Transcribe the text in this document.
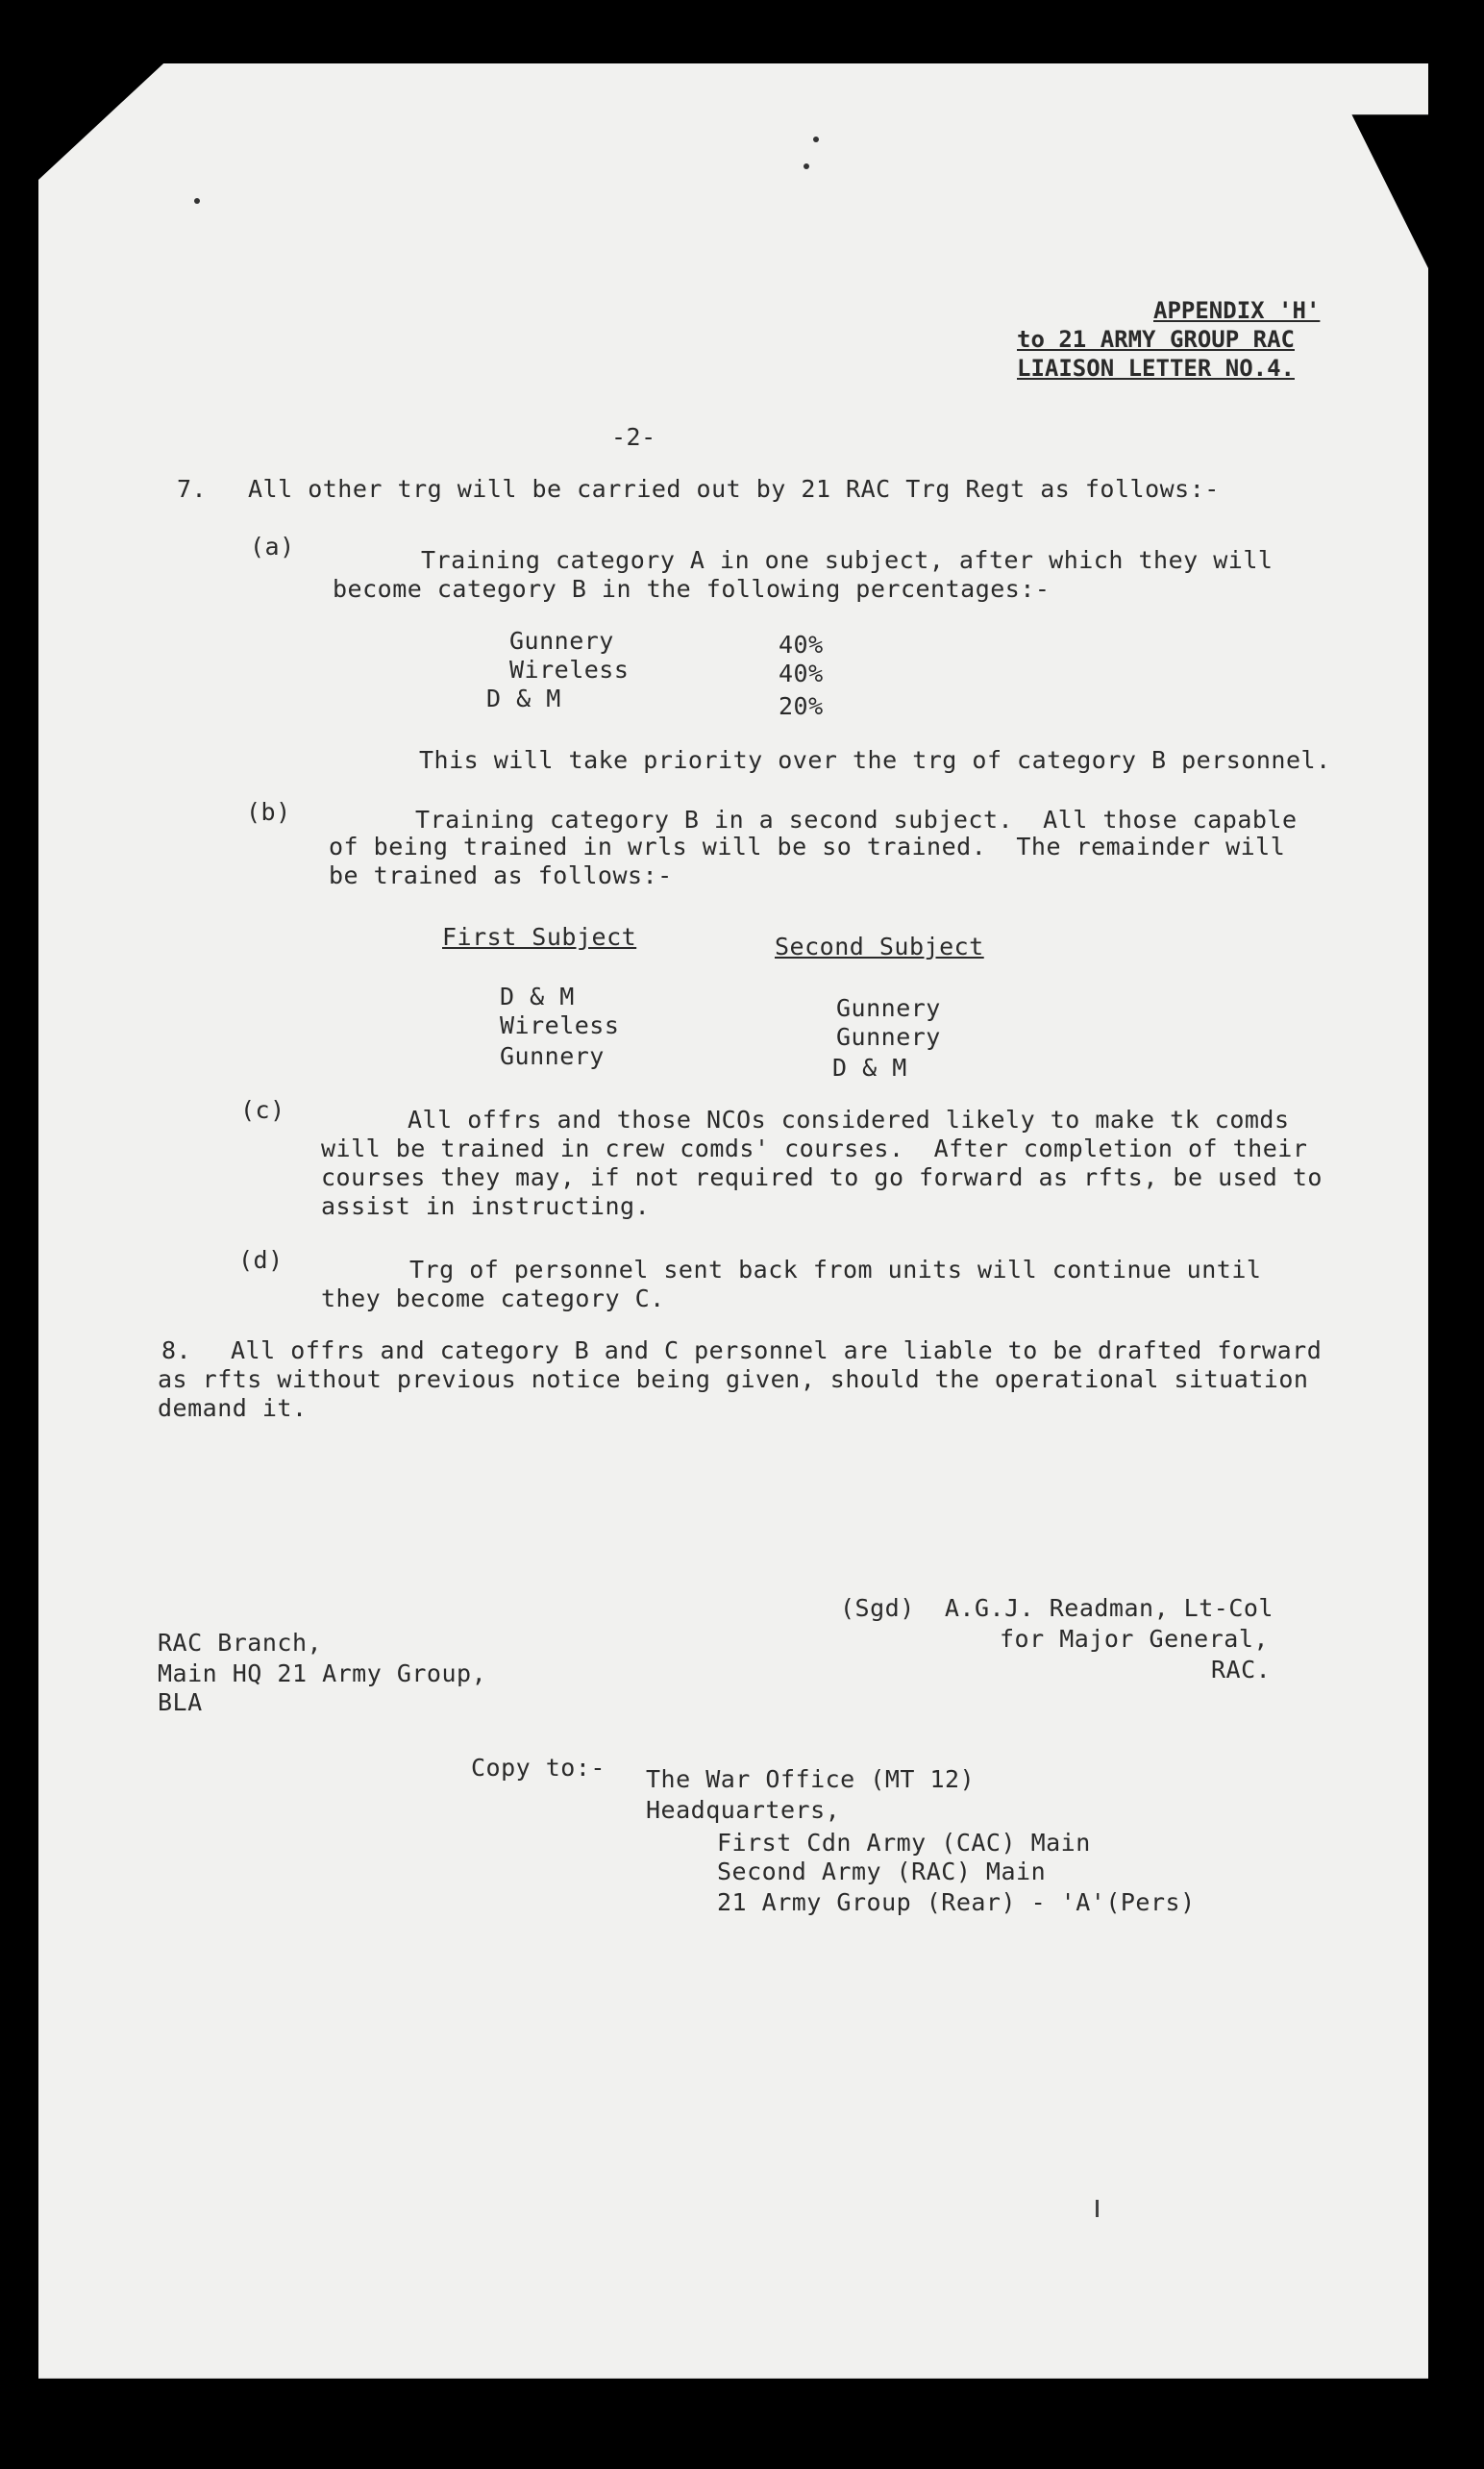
APPENDIX 'H'
to 21 ARMY GROUP RAC
LIAISON LETTER NO.4.
-2-
7. All other trg will be carried out by 21 RAC Trg Regt as follows:-
(a)	Training category A in one subject, after which they will
become category B in the following percentages:-
Gunnery	40%
Wireless	40%
D & M	20%
This will take priority over the trg of category B personnel.
(b)	Training category B in a second subject.  All those capable
of being trained in wrls will be so trained.  The remainder will
be trained as follows:-
First Subject	Second Subject
D & M	Gunnery
Wireless	Gunnery
Gunnery	D & M
(c)	All offrs and those NCOs considered likely to make tk comds
will be trained in crew comds' courses.  After completion of their
courses they may, if not required to go forward as rfts, be used to
assist in instructing.
(d)	Trg of personnel sent back from units will continue until
they become category C.
8. All offrs and category B and C personnel are liable to be drafted forward
as rfts without previous notice being given, should the operational situation
demand it.
(Sgd)  A.G.J. Readman, Lt-Col
for Major General,
RAC.
RAC Branch,
Main HQ 21 Army Group,
BLA
Copy to:- The War Office (MT 12)
Headquarters,
First Cdn Army (CAC) Main
Second Army (RAC) Main
21 Army Group (Rear) - 'A'(Pers)
